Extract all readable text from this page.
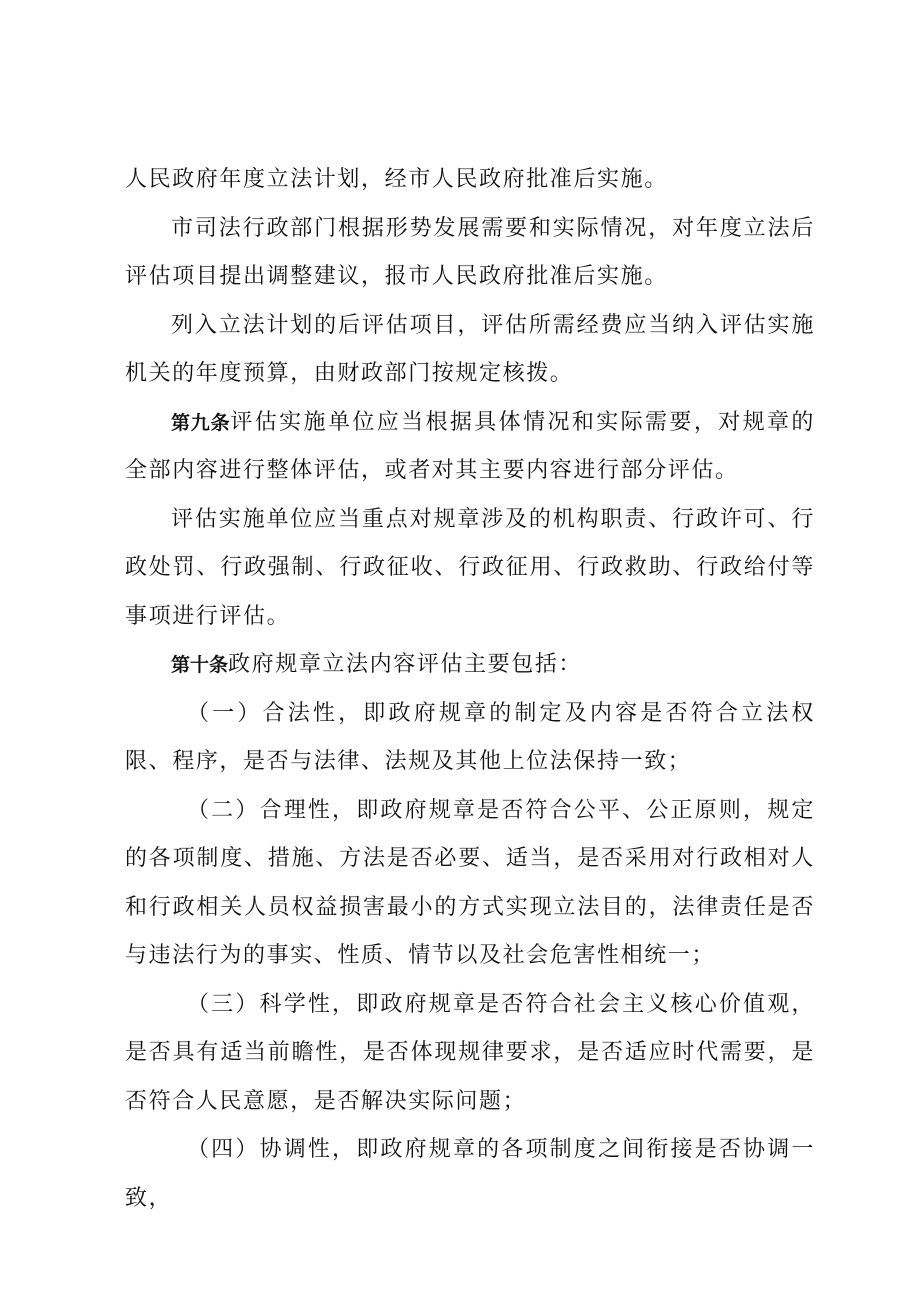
人民政府年度立法计划，经市人民政府批准后实施。

市司法行政部门根据形势发展需要和实际情况，对年度立法后评估项目提出调整建议，报市人民政府批准后实施。

列入立法计划的后评估项目，评估所需经费应当纳入评估实施机关的年度预算，由财政部门按规定核拨。

第九条评估实施单位应当根据具体情况和实际需要，对规章的全部内容进行整体评估，或者对其主要内容进行部分评估。

评估实施单位应当重点对规章涉及的机构职责、行政许可、行政处罚、行政强制、行政征收、行政征用、行政救助、行政给付等事项进行评估。

第十条政府规章立法内容评估主要包括：

（一）合法性，即政府规章的制定及内容是否符合立法权限、程序，是否与法律、法规及其他上位法保持一致；

（二）合理性，即政府规章是否符合公平、公正原则，规定的各项制度、措施、方法是否必要、适当，是否采用对行政相对人和行政相关人员权益损害最小的方式实现立法目的，法律责任是否与违法行为的事实、性质、情节以及社会危害性相统一；

（三）科学性，即政府规章是否符合社会主义核心价值观，是否具有适当前瞻性，是否体现规律要求，是否适应时代需要，是否符合人民意愿，是否解决实际问题；

（四）协调性，即政府规章的各项制度之间衔接是否协调一致，
